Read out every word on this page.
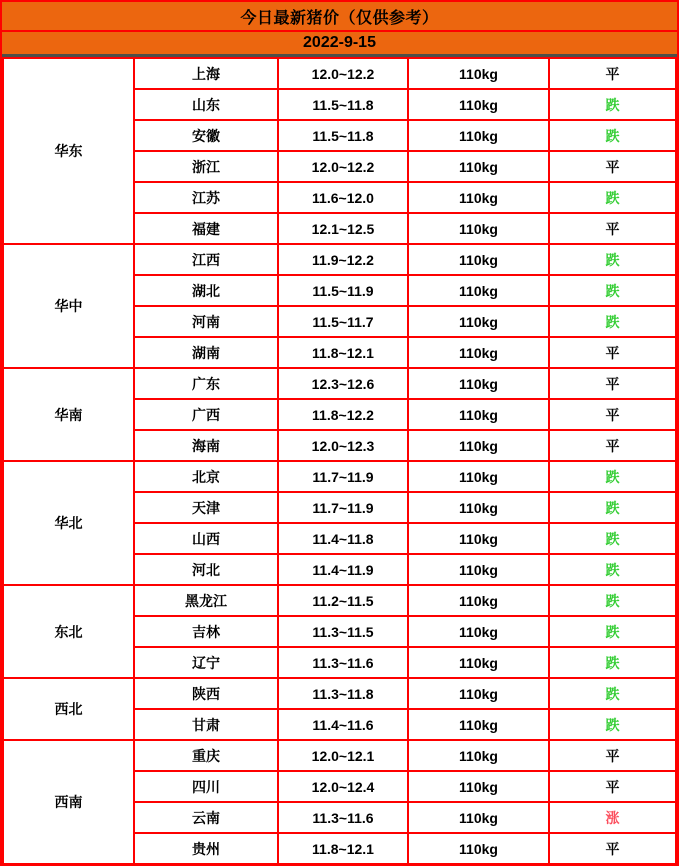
今日最新猪价（仅供参考）
2022-9-15
华东	上海	12.0~12.2	110kg	平
	山东	11.5~11.8	110kg	跌
	安徽	11.5~11.8	110kg	跌
	浙江	12.0~12.2	110kg	平
	江苏	11.6~12.0	110kg	跌
	福建	12.1~12.5	110kg	平
华中	江西	11.9~12.2	110kg	跌
	湖北	11.5~11.9	110kg	跌
	河南	11.5~11.7	110kg	跌
	湖南	11.8~12.1	110kg	平
华南	广东	12.3~12.6	110kg	平
	广西	11.8~12.2	110kg	平
	海南	12.0~12.3	110kg	平
华北	北京	11.7~11.9	110kg	跌
	天津	11.7~11.9	110kg	跌
	山西	11.4~11.8	110kg	跌
	河北	11.4~11.9	110kg	跌
东北	黑龙江	11.2~11.5	110kg	跌
	吉林	11.3~11.5	110kg	跌
	辽宁	11.3~11.6	110kg	跌
西北	陕西	11.3~11.8	110kg	跌
	甘肃	11.4~11.6	110kg	跌
西南	重庆	12.0~12.1	110kg	平
	四川	12.0~12.4	110kg	平
	云南	11.3~11.6	110kg	涨
	贵州	11.8~12.1	110kg	平
